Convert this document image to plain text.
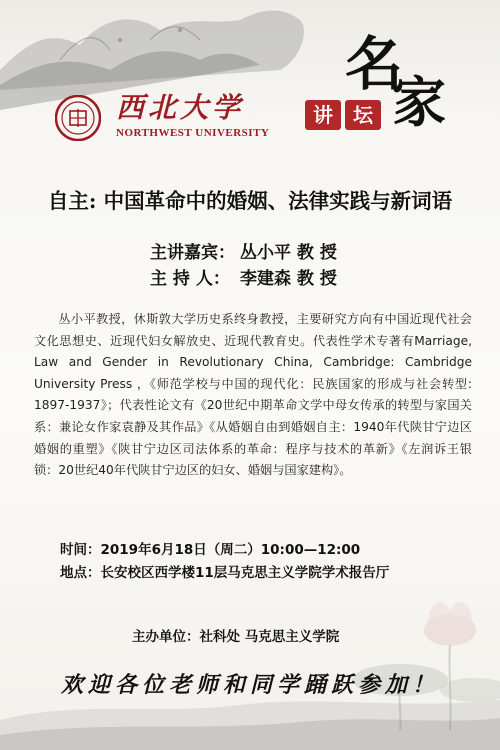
西北大学
NORTHWEST UNIVERSITY
名
家
讲	坛
自主: 中国革命中的婚姻、法律实践与新词语
主讲嘉宾： 丛小平 教 授
主 持 人： 李建森 教 授

丛小平教授，休斯敦大学历史系终身教授，主要研究方向有中国近现代社会文化思想史、近现代妇女解放史、近现代教育史。代表性学术专著有Marriage, Law and Gender in Revolutionary China, Cambridge: Cambridge University Press ，《师范学校与中国的现代化：民族国家的形成与社会转型: 1897-1937》；代表性论文有《20世纪中期革命文学中母女传承的转型与家国关系：兼论女作家袁静及其作品》《从婚姻自由到婚姻自主：1940年代陕甘宁边区婚姻的重塑》《陕甘宁边区司法体系的革命：程序与技术的革新》《左润诉王银锁：20世纪40年代陕甘宁边区的妇女、婚姻与国家建构》。

时间：2019年6月18日（周二）10:00—12:00
地点：长安校区西学楼11层马克思主义学院学术报告厅
主办单位：社科处 马克思主义学院
欢迎各位老师和同学踊跃参加！
